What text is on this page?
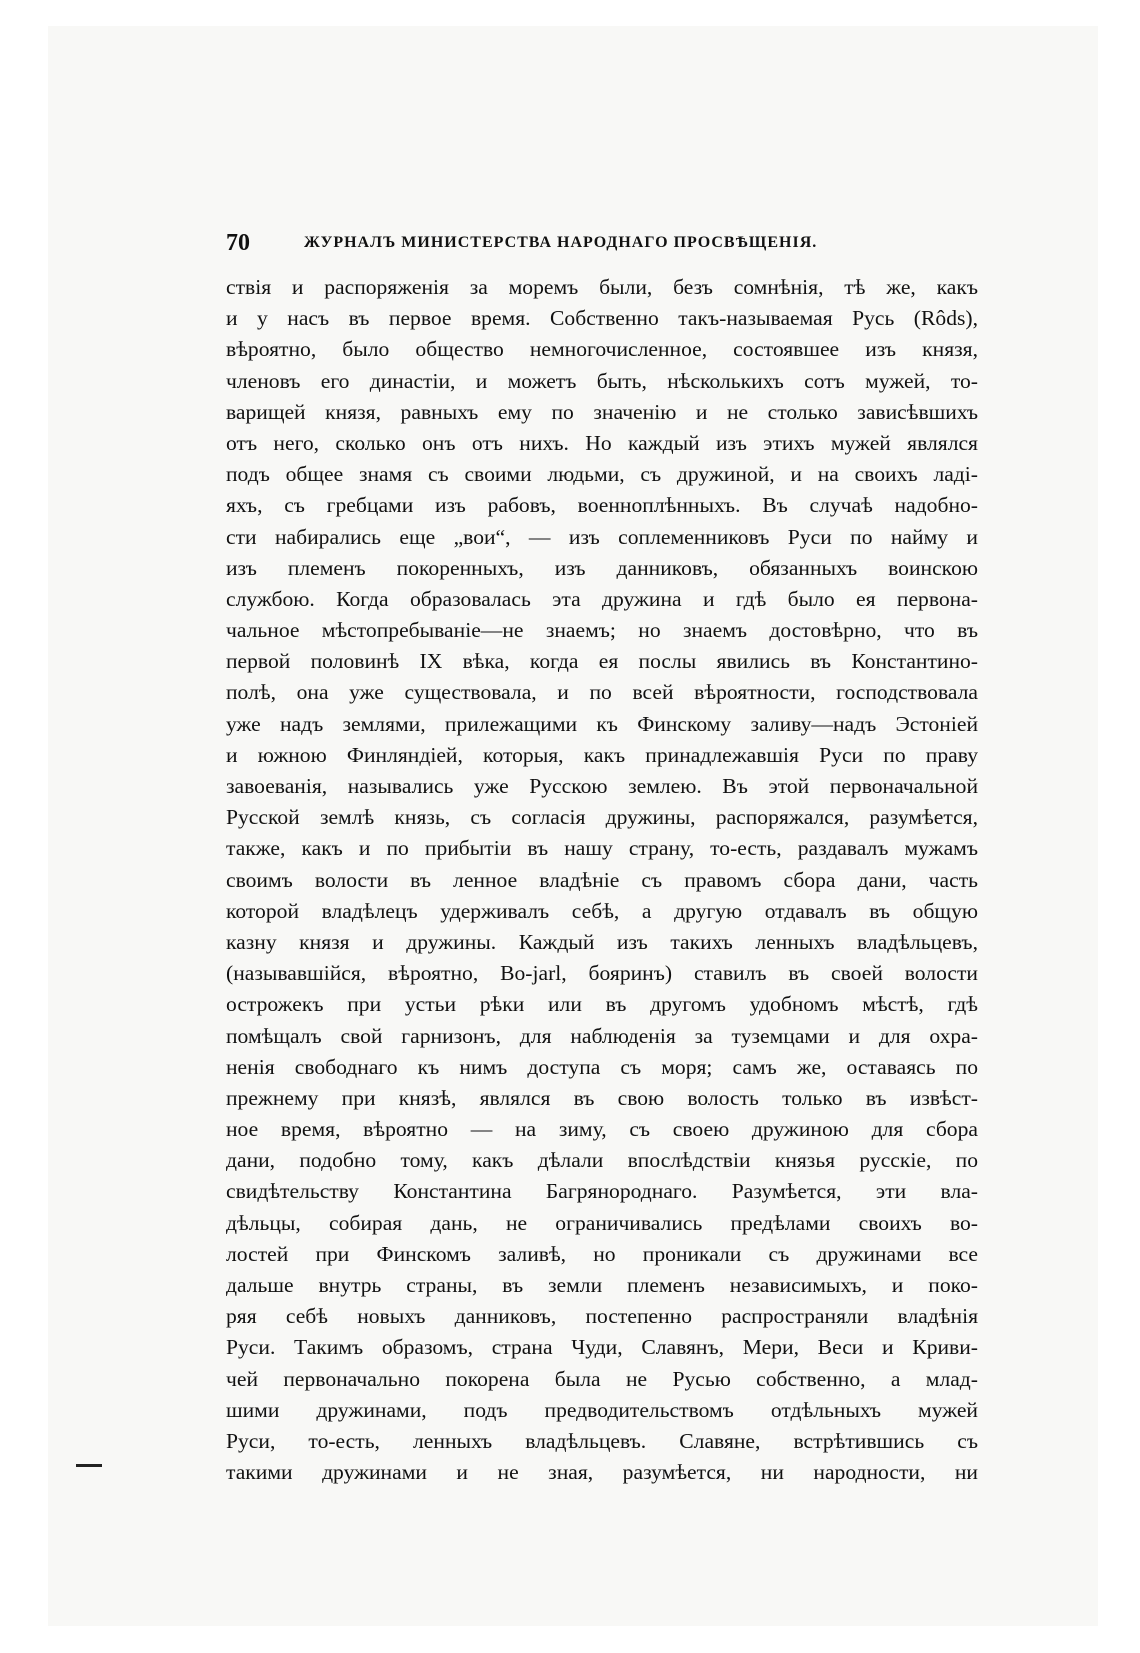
70	ЖУРНАЛЪ МИНИСТЕРСТВА НАРОДНАГО ПРОСВѢЩЕНІЯ.
ствія и распоряженія за моремъ были, безъ сомнѣнія, тѣ же, какъ
и у насъ въ первое время. Собственно такъ-называемая Русь (Rôds),
вѣроятно, было общество немногочисленное, состоявшее изъ князя,
членовъ его династіи, и можетъ быть, нѣсколькихъ сотъ мужей, то-
варищей князя, равныхъ ему по значенію и не столько зависѣвшихъ
отъ него, сколько онъ отъ нихъ. Но каждый изъ этихъ мужей являлся
подъ общее знамя съ своими людьми, съ дружиной, и на своихъ ладі-
яхъ, съ гребцами изъ рабовъ, военноплѣнныхъ. Въ случаѣ надобно-
сти набирались еще „вои“, — изъ соплеменниковъ Руси по найму и
изъ племенъ покоренныхъ, изъ данниковъ, обязанныхъ воинскою
службою. Когда образовалась эта дружина и гдѣ было ея первона-
чальное мѣстопребываніе—не знаемъ; но знаемъ достовѣрно, что въ
первой половинѣ IX вѣка, когда ея послы явились въ Константино-
полѣ, она уже существовала, и по всей вѣроятности, господствовала
уже надъ землями, прилежащими къ Финскому заливу—надъ Эстоніей
и южною Финляндіей, которыя, какъ принадлежавшія Руси по праву
завоеванія, назывались уже Русскою землею. Въ этой первоначальной
Русской землѣ князь, съ согласія дружины, распоряжался, разумѣется,
также, какъ и по прибытіи въ нашу страну, то-есть, раздавалъ мужамъ
своимъ волости въ ленное владѣніе съ правомъ сбора дани, часть
которой владѣлецъ удерживалъ себѣ, а другую отдавалъ въ общую
казну князя и дружины. Каждый изъ такихъ ленныхъ владѣльцевъ,
(называвшійся, вѣроятно, Bo-jarl, бояринъ) ставилъ въ своей волости
острожекъ при устьи рѣки или въ другомъ удобномъ мѣстѣ, гдѣ
помѣщалъ свой гарнизонъ, для наблюденія за туземцами и для охра-
ненія свободнаго къ нимъ доступа съ моря; самъ же, оставаясь по
прежнему при князѣ, являлся въ свою волость только въ извѣст-
ное время, вѣроятно — на зиму, съ своею дружиною для сбора
дани, подобно тому, какъ дѣлали впослѣдствіи князья русскіе, по
свидѣтельству Константина Багрянороднаго. Разумѣется, эти вла-
дѣльцы, собирая дань, не ограничивались предѣлами своихъ во-
лостей при Финскомъ заливѣ, но проникали съ дружинами все
дальше внутрь страны, въ земли племенъ независимыхъ, и поко-
ряя себѣ новыхъ данниковъ, постепенно распространяли владѣнія
Руси. Такимъ образомъ, страна Чуди, Славянъ, Мери, Веси и Криви-
чей первоначально покорена была не Русью собственно, а млад-
шими дружинами, подъ предводительствомъ отдѣльныхъ мужей
Руси, то-есть, ленныхъ владѣльцевъ. Славяне, встрѣтившись съ
такими дружинами и не зная, разумѣется, ни народности, ни
